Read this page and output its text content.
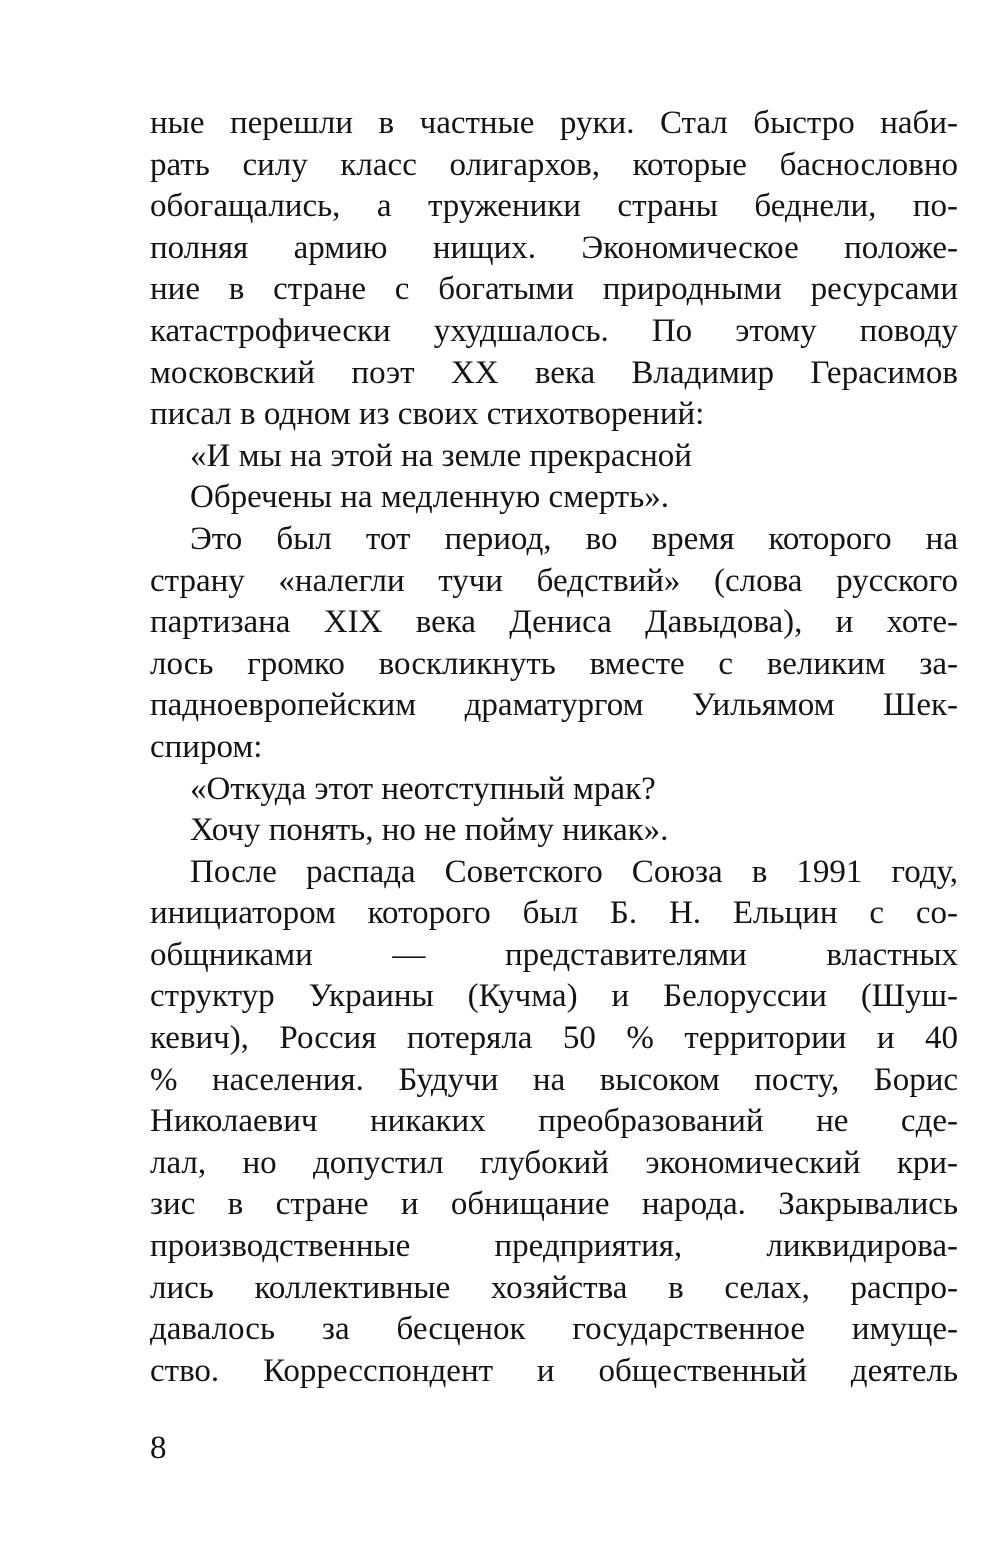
ные перешли в частные руки. Стал быстро наби-
рать силу класс олигархов, которые баснословно
обогащались, а труженики страны беднели, по-
полняя армию нищих. Экономическое положе-
ние в стране с богатыми природными ресурсами
катастрофически ухудшалось. По этому поводу
московский поэт XX века Владимир Герасимов
писал в одном из своих стихотворений:
«И мы на этой на земле прекрасной
Обречены на медленную смерть».
Это был тот период, во время которого на
страну «налегли тучи бедствий» (слова русского
партизана XIX века Дениса Давыдова), и хоте-
лось громко воскликнуть вместе с великим за-
падноевропейским драматургом Уильямом Шек-
спиром:
«Откуда этот неотступный мрак?
Хочу понять, но не пойму никак».
После распада Советского Союза в 1991 году,
инициатором которого был Б. Н. Ельцин с со-
общниками — представителями властных
структур Украины (Кучма) и Белоруссии (Шуш-
кевич), Россия потеряла 50 % территории и 40
% населения. Будучи на высоком посту, Борис
Николаевич никаких преобразований не сде-
лал, но допустил глубокий экономический кри-
зис в стране и обнищание народа. Закрывались
производственные предприятия, ликвидирова-
лись коллективные хозяйства в селах, распро-
давалось за бесценок государственное имуще-
ство. Корресспондент и общественный деятель
8
